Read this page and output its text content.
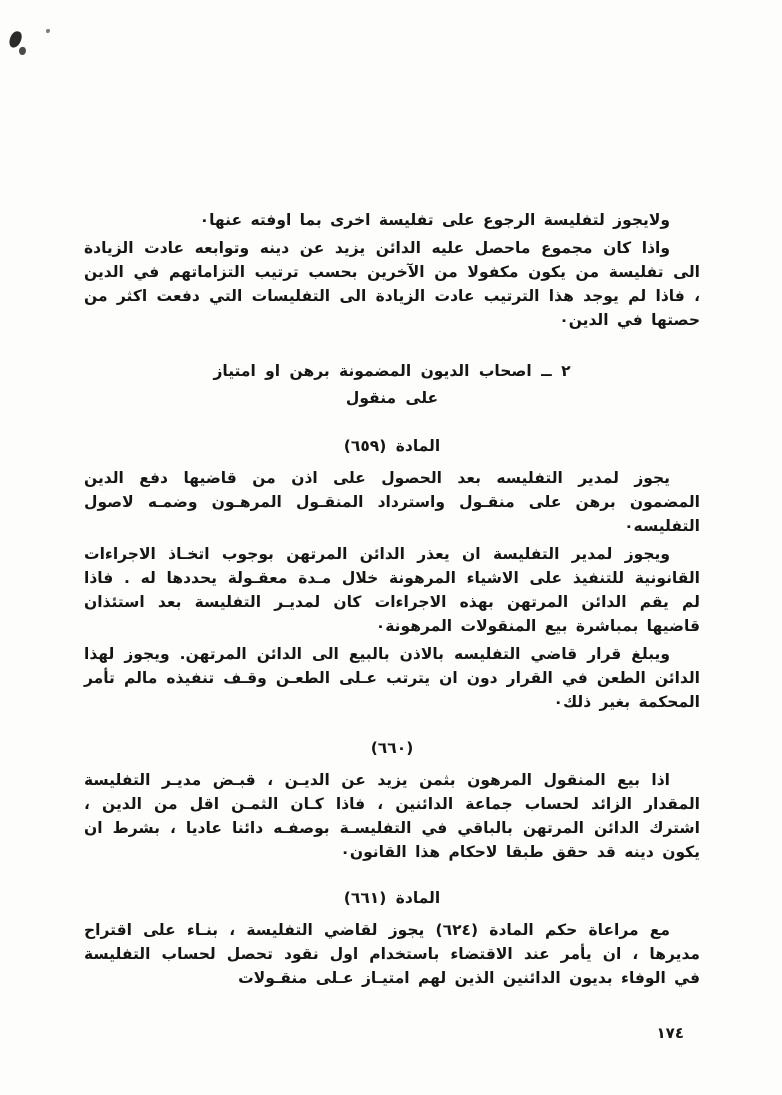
ولايجوز لتفليسة الرجوع على تفليسة اخرى بما اوفته عنها٠

واذا كان مجموع ماحصل عليه الدائن يزيد عن دينه وتوابعه عادت الزيادة الى تفليسة من يكون مكفولا من الآخرين بحسب ترتيب التزاماتهم في الدين ، فاذا لم يوجد هذا الترتيب عادت الزيادة الى التفليسات التي دفعت اكثر من حصتها في الدين٠

٢ ــ اصحاب الديون المضمونة برهن او امتياز
على منقول
المادة (٦٥٩)

يجوز لمدير التفليسه بعد الحصول على اذن من قاضيها دفع الدين المضمون برهن على منقـول واسترداد المنقـول المرهـون وضمـه لاصول التفليسه٠

ويجوز لمدير التفليسة ان يعذر الدائن المرتهن بوجوب اتخـاذ الاجراءات القانونية للتنفيذ على الاشياء المرهونة خلال مـدة معقـولة يحددها له . فاذا لم يقم الدائن المرتهن بهذه الاجراءات كان لمديـر التفليسة بعد استئذان قاضيها بمباشرة بيع المنقولات المرهونة٠

ويبلغ قرار قاضي التفليسه بالاذن بالبيع الى الدائن المرتهن. ويجوز لهذا الدائن الطعن في القرار دون ان يترتب عـلى الطعـن وقـف تنفيذه مالم تأمر المحكمة بغير ذلك٠

(٦٦٠)

اذا بيع المنقول المرهون بثمن يزيد عن الديـن ، قبـض مديـر التفليسة المقدار الزائد لحساب جماعة الدائنين ، فاذا كـان الثمـن اقل من الدين ، اشترك الدائن المرتهن بالباقي في التفليسـة بوصفـه دائنا عاديا ، بشرط ان يكون دينه قد حقق طبقا لاحكام هذا القانون٠

المادة (٦٦١)

مع مراعاة حكم المادة (٦٢٤) يجوز لقاضي التفليسة ، بنـاء على اقتراح مديرها ، ان يأمر عند الاقتضاء باستخدام اول نقود تحصل لحساب التفليسة في الوفاء بديون الدائنين الذين لهم امتيـاز عـلى منقـولات

١٧٤
